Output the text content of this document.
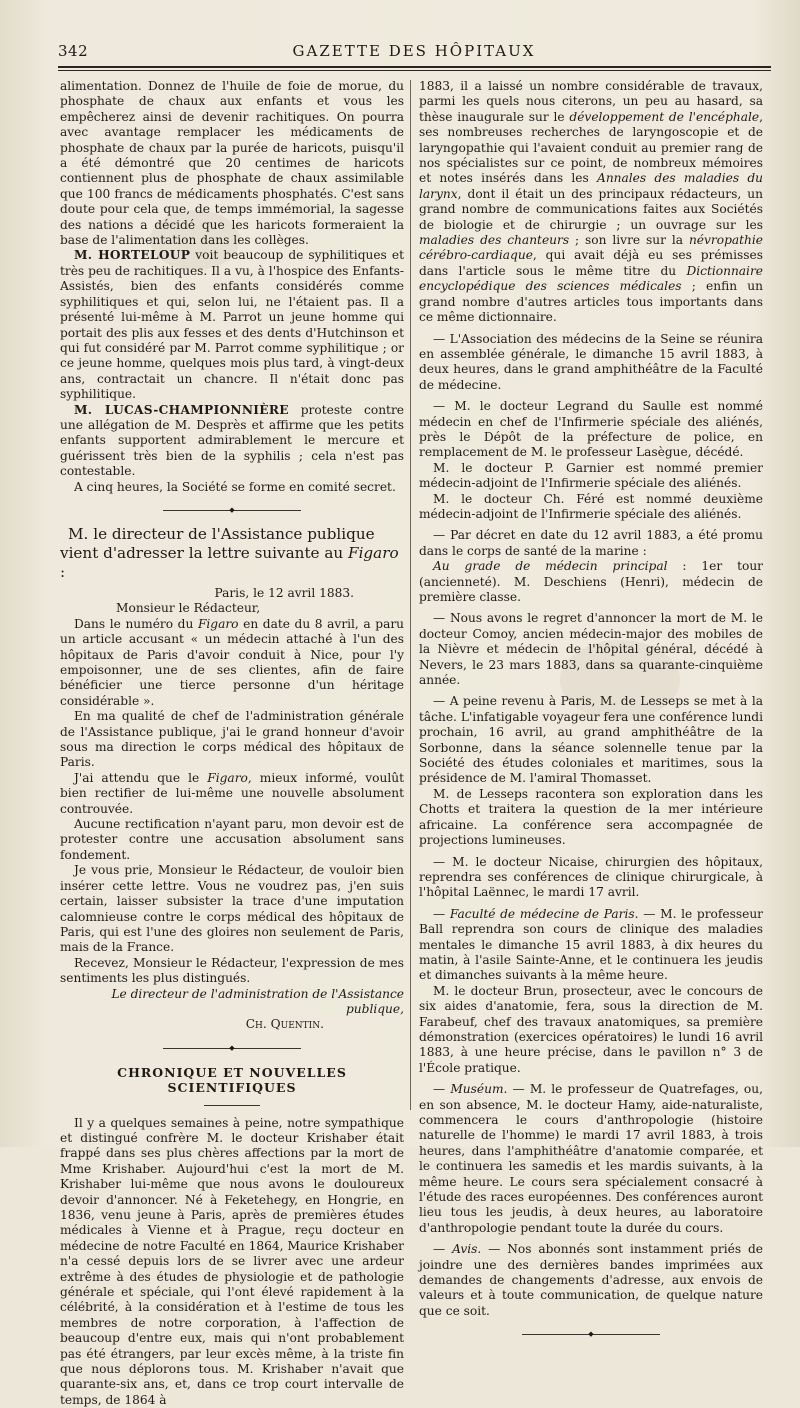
342	GAZETTE DES HÔPITAUX

alimentation. Donnez de l'huile de foie de morue, du phosphate de chaux aux enfants et vous les empêcherez ainsi de devenir rachitiques. On pourra avec avantage remplacer les médicaments de phosphate de chaux par la purée de haricots, puisqu'il a été démontré que 20 centimes de haricots contiennent plus de phosphate de chaux assimilable que 100 francs de médicaments phosphatés. C'est sans doute pour cela que, de temps immémorial, la sagesse des nations a décidé que les haricots formeraient la base de l'alimentation dans les collèges.

M. HORTELOUP voit beaucoup de syphilitiques et très peu de rachitiques. Il a vu, à l'hospice des Enfants-Assistés, bien des enfants considérés comme syphilitiques et qui, selon lui, ne l'étaient pas. Il a présenté lui-même à M. Parrot un jeune homme qui portait des plis aux fesses et des dents d'Hutchinson et qui fut considéré par M. Parrot comme syphilitique ; or ce jeune homme, quelques mois plus tard, à vingt-deux ans, contractait un chancre. Il n'était donc pas syphilitique.

M. LUCAS-CHAMPIONNIÈRE proteste contre une allégation de M. Desprès et affirme que les petits enfants supportent admirablement le mercure et guérissent très bien de la syphilis ; cela n'est pas contestable.

A cinq heures, la Société se forme en comité secret.

◆
M. le directeur de l'Assistance publique vient d'adresser la lettre suivante au Figaro :

Paris, le 12 avril 1883.

Monsieur le Rédacteur,

Dans le numéro du Figaro en date du 8 avril, a paru un article accusant « un médecin attaché à l'un des hôpitaux de Paris d'avoir conduit à Nice, pour l'y empoisonner, une de ses clientes, afin de faire bénéficier une tierce personne d'un héritage considérable ».

En ma qualité de chef de l'administration générale de l'Assistance publique, j'ai le grand honneur d'avoir sous ma direction le corps médical des hôpitaux de Paris.

J'ai attendu que le Figaro, mieux informé, voulût bien rectifier de lui-même une nouvelle absolument controuvée.

Aucune rectification n'ayant paru, mon devoir est de protester contre une accusation absolument sans fondement.

Je vous prie, Monsieur le Rédacteur, de vouloir bien insérer cette lettre. Vous ne voudrez pas, j'en suis certain, laisser subsister la trace d'une imputation calomnieuse contre le corps médical des hôpitaux de Paris, qui est l'une des gloires non seulement de Paris, mais de la France.

Recevez, Monsieur le Rédacteur, l'expression de mes sentiments les plus distingués.

Le directeur de l'administration de l'Assistance publique,

Ch. Quentin.

◆
CHRONIQUE ET NOUVELLES SCIENTIFIQUES

Il y a quelques semaines à peine, notre sympathique et distingué confrère M. le docteur Krishaber était frappé dans ses plus chères affections par la mort de Mme Krishaber. Aujourd'hui c'est la mort de M. Krishaber lui-même que nous avons le douloureux devoir d'annoncer. Né à Feketehegy, en Hongrie, en 1836, venu jeune à Paris, après de premières études médicales à Vienne et à Prague, reçu docteur en médecine de notre Faculté en 1864, Maurice Krishaber n'a cessé depuis lors de se livrer avec une ardeur extrême à des études de physiologie et de pathologie générale et spéciale, qui l'ont élevé rapidement à la célébrité, à la considération et à l'estime de tous les membres de notre corporation, à l'affection de beaucoup d'entre eux, mais qui n'ont probablement pas été étrangers, par leur excès même, à la triste fin que nous déplorons tous. M. Krishaber n'avait que quarante-six ans, et, dans ce trop court intervalle de temps, de 1864 à

1883, il a laissé un nombre considérable de travaux, parmi les quels nous citerons, un peu au hasard, sa thèse inaugurale sur le développement de l'encéphale, ses nombreuses recherches de laryngoscopie et de laryngopathie qui l'avaient conduit au premier rang de nos spécialistes sur ce point, de nombreux mémoires et notes insérés dans les Annales des maladies du larynx, dont il était un des principaux rédacteurs, un grand nombre de communications faites aux Sociétés de biologie et de chirurgie ; un ouvrage sur les maladies des chanteurs ; son livre sur la névropathie cérébro-cardiaque, qui avait déjà eu ses prémisses dans l'article sous le même titre du Dictionnaire encyclopédique des sciences médicales ; enfin un grand nombre d'autres articles tous importants dans ce même dictionnaire.

— L'Association des médecins de la Seine se réunira en assemblée générale, le dimanche 15 avril 1883, à deux heures, dans le grand amphithéâtre de la Faculté de médecine.

— M. le docteur Legrand du Saulle est nommé médecin en chef de l'Infirmerie spéciale des aliénés, près le Dépôt de la préfecture de police, en remplacement de M. le professeur Lasègue, décédé.

M. le docteur P. Garnier est nommé premier médecin-adjoint de l'Infirmerie spéciale des aliénés.

M. le docteur Ch. Féré est nommé deuxième médecin-adjoint de l'Infirmerie spéciale des aliénés.

— Par décret en date du 12 avril 1883, a été promu dans le corps de santé de la marine :

Au grade de médecin principal : 1er tour (ancienneté). M. Deschiens (Henri), médecin de première classe.

— Nous avons le regret d'annoncer la mort de M. le docteur Comoy, ancien médecin-major des mobiles de la Nièvre et médecin de l'hôpital général, décédé à Nevers, le 23 mars 1883, dans sa quarante-cinquième année.

— A peine revenu à Paris, M. de Lesseps se met à la tâche. L'infatigable voyageur fera une conférence lundi prochain, 16 avril, au grand amphithéâtre de la Sorbonne, dans la séance solennelle tenue par la Société des études coloniales et maritimes, sous la présidence de M. l'amiral Thomasset.

M. de Lesseps racontera son exploration dans les Chotts et traitera la question de la mer intérieure africaine. La conférence sera accompagnée de projections lumineuses.

— M. le docteur Nicaise, chirurgien des hôpitaux, reprendra ses conférences de clinique chirurgicale, à l'hôpital Laënnec, le mardi 17 avril.

— Faculté de médecine de Paris. — M. le professeur Ball reprendra son cours de clinique des maladies mentales le dimanche 15 avril 1883, à dix heures du matin, à l'asile Sainte-Anne, et le continuera les jeudis et dimanches suivants à la même heure.

M. le docteur Brun, prosecteur, avec le concours de six aides d'anatomie, fera, sous la direction de M. Farabeuf, chef des travaux anatomiques, sa première démonstration (exercices opératoires) le lundi 16 avril 1883, à une heure précise, dans le pavillon n° 3 de l'École pratique.

— Muséum. — M. le professeur de Quatrefages, ou, en son absence, M. le docteur Hamy, aide-naturaliste, commencera le cours d'anthropologie (histoire naturelle de l'homme) le mardi 17 avril 1883, à trois heures, dans l'amphithéâtre d'anatomie comparée, et le continuera les samedis et les mardis suivants, à la même heure. Le cours sera spécialement consacré à l'étude des races européennes. Des conférences auront lieu tous les jeudis, à deux heures, au laboratoire d'anthropologie pendant toute la durée du cours.

— Avis. — Nos abonnés sont instamment priés de joindre une des dernières bandes imprimées aux demandes de changements d'adresse, aux envois de valeurs et à toute communication, de quelque nature que ce soit.

◆
